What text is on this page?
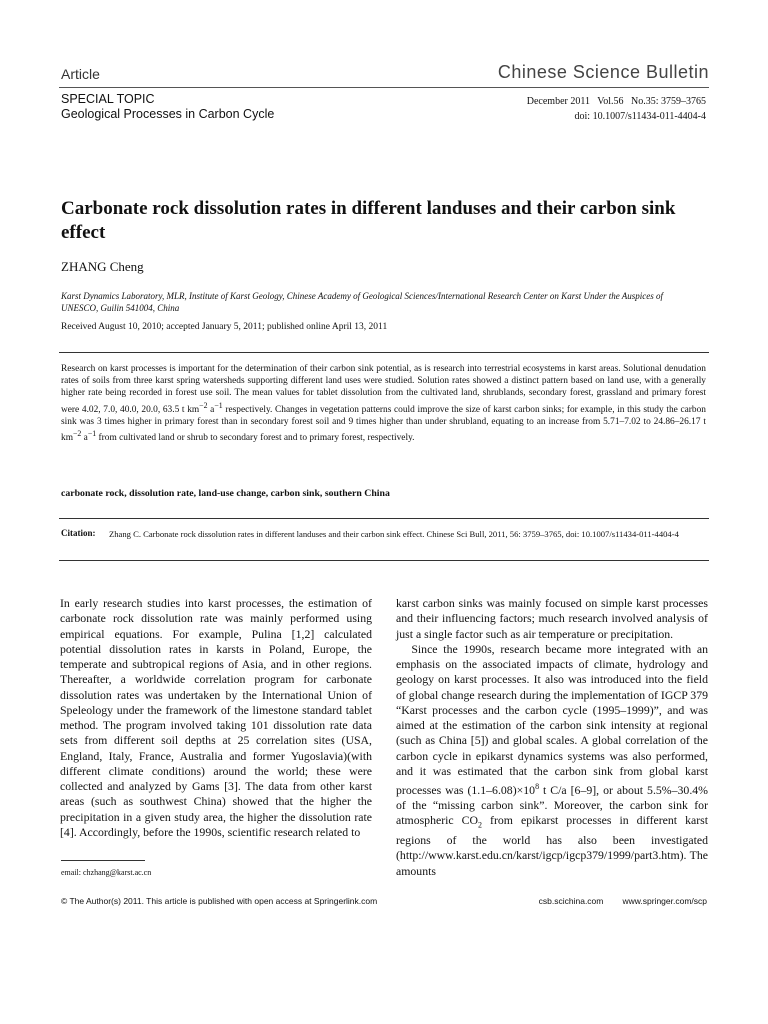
Article	Chinese Science Bulletin
SPECIAL TOPIC
Geological Processes in Carbon Cycle
December 2011   Vol.56   No.35: 3759–3765
doi: 10.1007/s11434-011-4404-4
Carbonate rock dissolution rates in different landuses and their carbon sink effect
ZHANG Cheng
Karst Dynamics Laboratory, MLR, Institute of Karst Geology, Chinese Academy of Geological Sciences/International Research Center on Karst Under the Auspices of UNESCO, Guilin 541004, China
Received August 10, 2010; accepted January 5, 2011; published online April 13, 2011
Research on karst processes is important for the determination of their carbon sink potential, as is research into terrestrial ecosystems in karst areas. Solutional denudation rates of soils from three karst spring watersheds supporting different land uses were studied. Solution rates showed a distinct pattern based on land use, with a generally higher rate being recorded in forest use soil. The mean values for tablet dissolution from the cultivated land, shrublands, secondary forest, grassland and primary forest were 4.02, 7.0, 40.0, 20.0, 63.5 t $km^{-2}$ $a^{-1}$ respectively. Changes in vegetation patterns could improve the size of karst carbon sinks; for example, in this study the carbon sink was 3 times higher in primary forest than in secondary forest soil and 9 times higher than under shrubland, equating to an increase from 5.71–7.02 to 24.86–26.17 t $km^{-2}$ $a^{-1}$ from cultivated land or shrub to secondary forest and to primary forest, respectively.
carbonate rock, dissolution rate, land-use change, carbon sink, southern China
Citation: Zhang C. Carbonate rock dissolution rates in different landuses and their carbon sink effect. Chinese Sci Bull, 2011, 56: 3759–3765, doi: 10.1007/s11434-011-4404-4

In early research studies into karst processes, the estimation of carbonate rock dissolution rate was mainly performed using empirical equations. For example, Pulina [1,2] calculated potential dissolution rates in karsts in Poland, Europe, the temperate and subtropical regions of Asia, and in other regions. Thereafter, a worldwide correlation program for carbonate dissolution rates was undertaken by the International Union of Speleology under the framework of the limestone standard tablet method. The program involved taking 101 dissolution rate data sets from different soil depths at 25 correlation sites (USA, England, Italy, France, Australia and former Yugoslavia)(with different climate conditions) around the world; these were collected and analyzed by Gams [3]. The data from other karst areas (such as southwest China) showed that the higher the precipitation in a given study area, the higher the dissolution rate [4]. Accordingly, before the 1990s, scientific research related to

karst carbon sinks was mainly focused on simple karst processes and their influencing factors; much research involved analysis of just a single factor such as air temperature or precipitation.

Since the 1990s, research became more integrated with an emphasis on the associated impacts of climate, hydrology and geology on karst processes. It also was introduced into the field of global change research during the implementation of IGCP 379 “Karst processes and the carbon cycle (1995–1999)”, and was aimed at the estimation of the carbon sink intensity at regional (such as China [5]) and global scales. A global correlation of the carbon cycle in epikarst dynamics systems was also performed, and it was estimated that the carbon sink from global karst processes was $(1.1-6.08)\times 10^8$ t C/a [6–9], or about 5.5%–30.4% of the “missing carbon sink”. Moreover, the carbon sink for atmospheric $CO_2$ from epikarst processes in different karst regions of the world has also been investigated (http://www.karst.edu.cn/karst/igcp/igcp379/1999/part3.htm). The amounts

email: chzhang@karst.ac.cn
© The Author(s) 2011. This article is published with open access at Springerlink.com	csb.scichina.com   www.springer.com/scp
